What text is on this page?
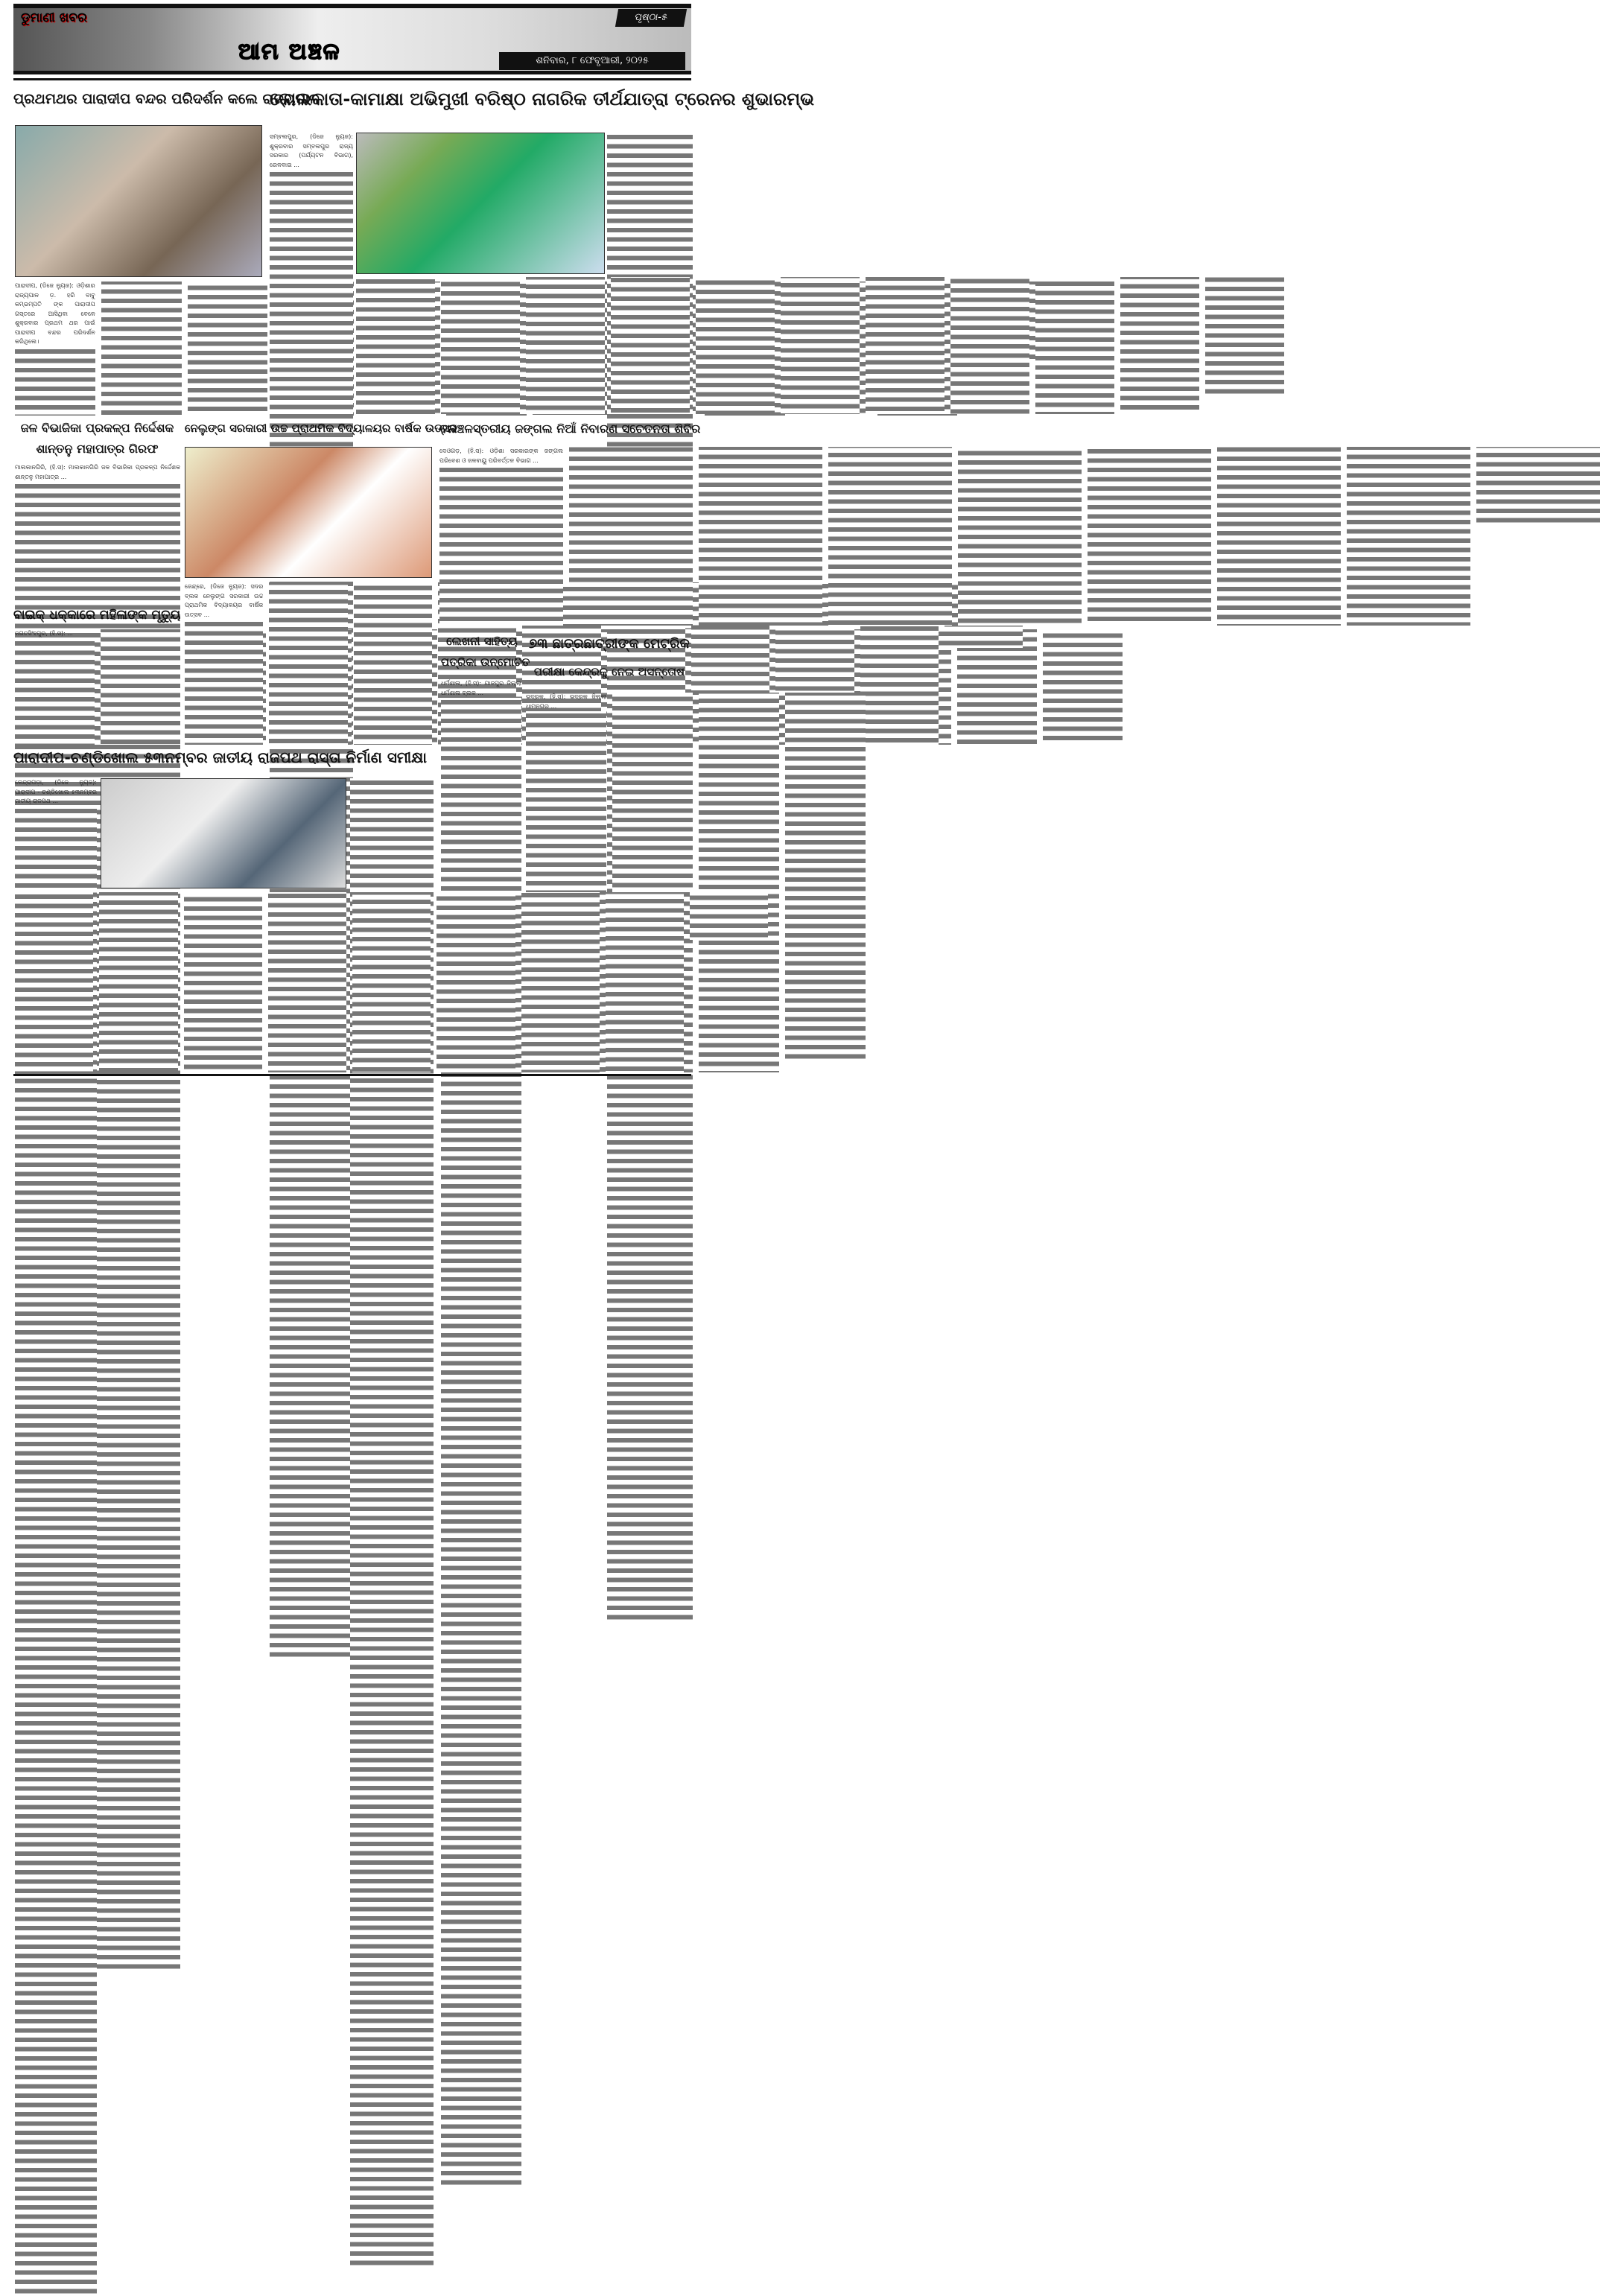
ଡୁମାଣୀ ଖବର
ଆମ ଅଞ୍ଚଳ
ପୃଷ୍ଠା-୫
ଶନିବାର, ୮ ଫେବୃଆରୀ, ୨୦୨୫
ପ୍ରଥମଥର ପାରାଦୀପ ବନ୍ଦର ପରିଦର୍ଶନ କଲେ ରାଜ୍ୟପାଳ
କୋଲକାତା-କାମାକ୍ଷା ଅଭିମୁଖୀ ବରିଷ୍ଠ ନାଗରିକ ତୀର୍ଥଯାତ୍ରା ଟ୍ରେନର ଶୁଭାରମ୍ଭ
ପାରାଦୀପ, (ଡିଜେ ନ୍ୟୁଜ): ଓଡ଼ିଶାର ରାଜ୍ୟପାଳ ଡ଼. ହରି ବାବୁ କମ୍ଭମ୍ପତି ଙ୍କ ପାରାଦୀପ ଗସ୍ତରେ ଆସିଥିବା ବେଳେ ଶୁକ୍ରବାର ପ୍ରଥମ ଥର ପାଇଁ ପାରାଦୀପ ବନ୍ଦର ପରିଦର୍ଶନ କରିଥିଲେ।
ସମ୍ବଲପୁର, (ଡିଜେ ନ୍ୟୁଜ): ଶୁକ୍ରବାର ସମ୍ବଲପୁର ରାଜ୍ୟ ସରକାର (ପର୍ଯ୍ୟଟନ ବିଭାଗ), ରେଳବାଇ ...
ଜଳ ବିଭାଜିକା ପ୍ରକଳ୍ପ ନିର୍ଦ୍ଦେଶକ
ଶାନ୍ତନୁ ମହାପାତ୍ର ଗିରଫ
ମାଲକାନଗିରି, (ହି.ସ): ମାଲକାନଗିରି ଜଳ ବିଭାଜିକା ପ୍ରକଳ୍ପ ନିର୍ଦ୍ଦେଶକ ଶାନ୍ତନୁ ମହାପାତ୍ର ...
ବାଇକ୍ ଧକ୍କାରେ ମହିଳାଙ୍କ ମୃତ୍ୟୁ
ଜଗତସିଂହପୁର, (ହି.ସ): ...
ନେଲୁଙ୍ଗ ସରକାରୀ ଉଚ୍ଚ ପ୍ରାଥମିକ ବିଦ୍ୟାଳୟର ବାର୍ଷିକ ଉତ୍ସବ
ଜେନ୍ଦ୍ରେ, (ଡିଜେ ନ୍ୟୁଜ): ସଦର ବ୍ଲକ ନେଲୁଙ୍ଗ ସରକାରୀ ଉଚ୍ଚ ପ୍ରାଥମିକ ବିଦ୍ୟାଳୟର ବାର୍ଷିକ ଉତ୍ସବ ...
ବନାଞ୍ଚଳସ୍ତରୀୟ ଜଙ୍ଗଲ ନିଆଁ ନିବାରଣ ସଚେତନତା ଶିବିର
ଦେଓଗଡ଼, (ହି.ସ): ଓଡ଼ିଶା ସରକାରଙ୍କ ଜଙ୍ଗଲ ପରିବେଶ ଓ ଜଳବାୟୁ ପରିବର୍ତ୍ତନ ବିଭାଗ ...
ଲେଖନୀ ସାହିତ୍ୟ
ପତ୍ରିକା ଉନ୍ମୋଚିତ
ଧର୍ମଶାଳା, (ହି.ସ): ଯାଜପୁର ଜିଲ୍ଲା ଧର୍ମଶାଳା ବ୍ଲକ ...
୭୩ ଛାତ୍ରଛାତ୍ରୀଙ୍କ ମେଟ୍ରିକ
ପରୀକ୍ଷା କେନ୍ଦ୍ରକୁ ନେଇ ଅସନ୍ତୋଷ
ଭଦ୍ରକ, (ହି.ସ): ଭଦ୍ରକ ଜିଲ୍ଲା ଧାମନଗର ...
ପାରାଦୀପ-ଚଣ୍ଡିଖୋଲ ୫୩ନମ୍ବର ଜାତୀୟ ରାଜପଥ ରାସ୍ତା ନିର୍ମାଣ ସମୀକ୍ଷା
କେନ୍ଦ୍ରାପଡ଼ା, (ଡିଜେ ନ୍ୟୁଜ): ପାରାଦୀପ - ଚଣ୍ଡିଖୋଲ ୫୩ନମ୍ବର ଜାତୀୟ ରାଜପଥ ...
